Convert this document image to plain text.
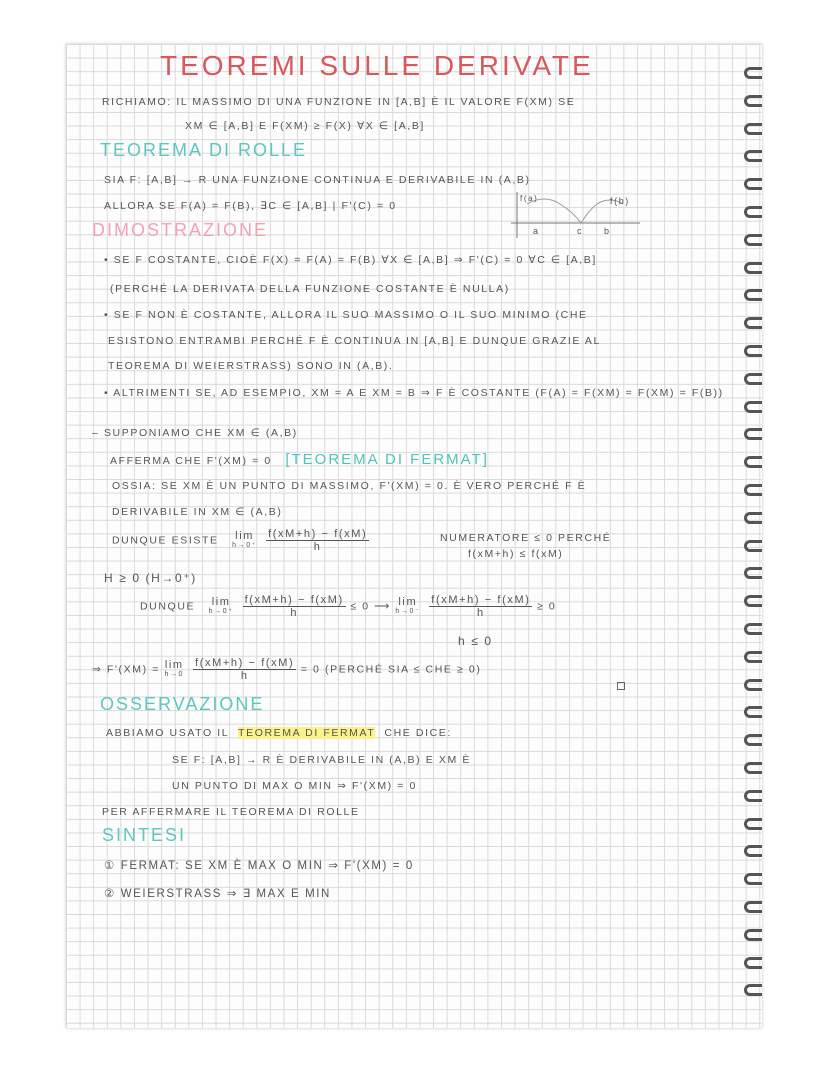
TEOREMI SULLE DERIVATE
RICHIAMO: IL MASSIMO DI UNA FUNZIONE IN [A,B] È IL VALORE F(XM) SE
XM ∈ [A,B] E F(XM) ≥ F(X) ∀X ∈ [A,B]
TEOREMA DI ROLLE
SIA F: [A,B] → R UNA FUNZIONE CONTINUA E DERIVABILE IN (A,B)
ALLORA SE F(A) = F(B), ∃C ∈ [A,B] | F'(C) = 0
f(a)	f(b)
a	c b
DIMOSTRAZIONE
• SE F COSTANTE, CIOÈ F(X) = F(A) = F(B) ∀X ∈ [A,B] ⇒ F'(C) = 0 ∀C ∈ [A,B]
(PERCHÉ LA DERIVATA DELLA FUNZIONE COSTANTE È NULLA)
• SE F NON È COSTANTE, ALLORA IL SUO MASSIMO O IL SUO MINIMO (CHE
ESISTONO ENTRAMBI PERCHÉ F È CONTINUA IN [A,B] E DUNQUE GRAZIE AL
TEOREMA DI WEIERSTRASS) SONO IN (A,B).
• ALTRIMENTI SE, AD ESEMPIO, XM = A E XM = B ⇒ F È COSTANTE (F(A) = F(XM) = F(XM) = F(B))
– SUPPONIAMO CHE XM ∈ (A,B)
AFFERMA CHE F'(XM) = 0 [TEOREMA DI FERMAT]
OSSIA: SE XM È UN PUNTO DI MASSIMO, F'(XM) = 0. È VERO PERCHÉ F È
DERIVABILE IN XM ∈ (A,B)
DUNQUE ESISTE lim
h→0⁺
$\frac{f(xM+h) - f(xM)}{h}$	NUMERATORE ≤ 0 PERCHÉ
f(xM+h) ≤ f(xM)
H ≥ 0 (H→0⁺)
DUNQUE lim
h→0⁺
$\frac{f(xM+h) - f(xM)}{h} \le 0$ ⟶ lim
h→0⁻
$\frac{f(xM+h) - f(xM)}{h} \ge 0$
h ≤ 0
⇒ F'(XM) = lim
h→0
$\frac{f(xM+h) - f(xM)}{h} = 0$ (PERCHÉ SIA ≤ CHE ≥ 0)
OSSERVAZIONE
ABBIAMO USATO IL TEOREMA DI FERMAT CHE DICE:
SE F: [A,B] → R È DERIVABILE IN (A,B) E XM È
UN PUNTO DI MAX O MIN ⇒ F'(XM) = 0
PER AFFERMARE IL TEOREMA DI ROLLE
SINTESI
① FERMAT: SE XM È MAX O MIN ⇒ F'(XM) = 0
② WEIERSTRASS ⇒ ∃ MAX E MIN
